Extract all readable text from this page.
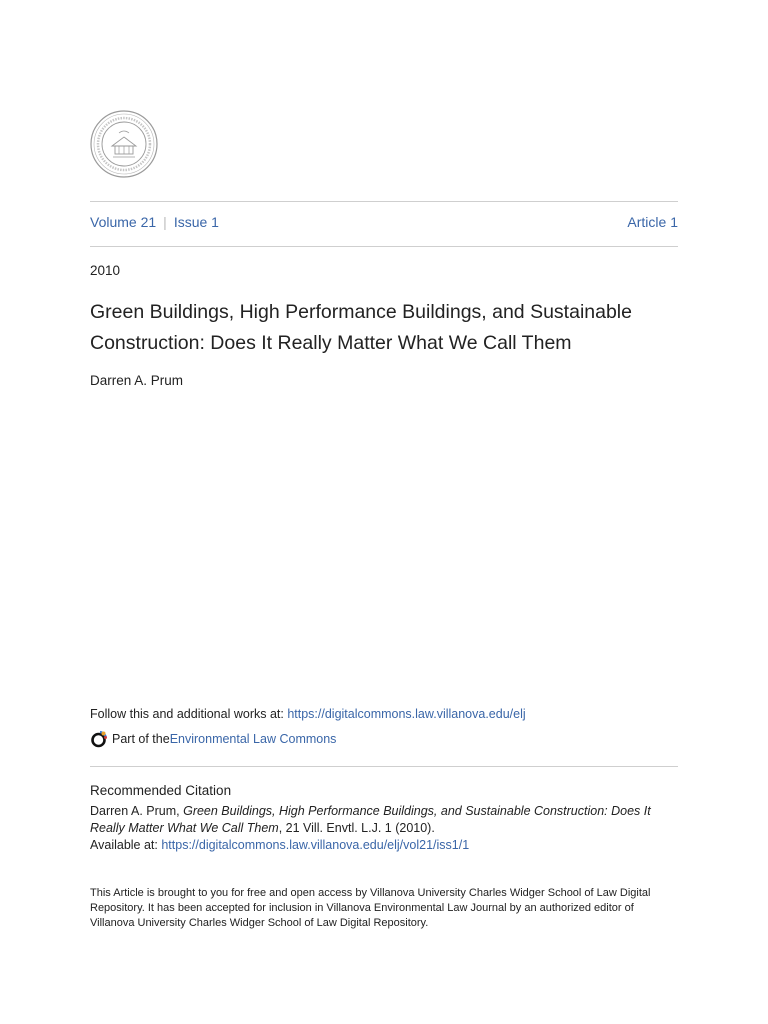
Volume 21 | Issue 1	Article 1
2010
Green Buildings, High Performance Buildings, and Sustainable Construction: Does It Really Matter What We Call Them
Darren A. Prum
Follow this and additional works at: https://digitalcommons.law.villanova.edu/elj
Part of the Environmental Law Commons
Recommended Citation
Darren A. Prum, Green Buildings, High Performance Buildings, and Sustainable Construction: Does It Really Matter What We Call Them, 21 Vill. Envtl. L.J. 1 (2010).
Available at: https://digitalcommons.law.villanova.edu/elj/vol21/iss1/1
This Article is brought to you for free and open access by Villanova University Charles Widger School of Law Digital Repository. It has been accepted for inclusion in Villanova Environmental Law Journal by an authorized editor of Villanova University Charles Widger School of Law Digital Repository.
